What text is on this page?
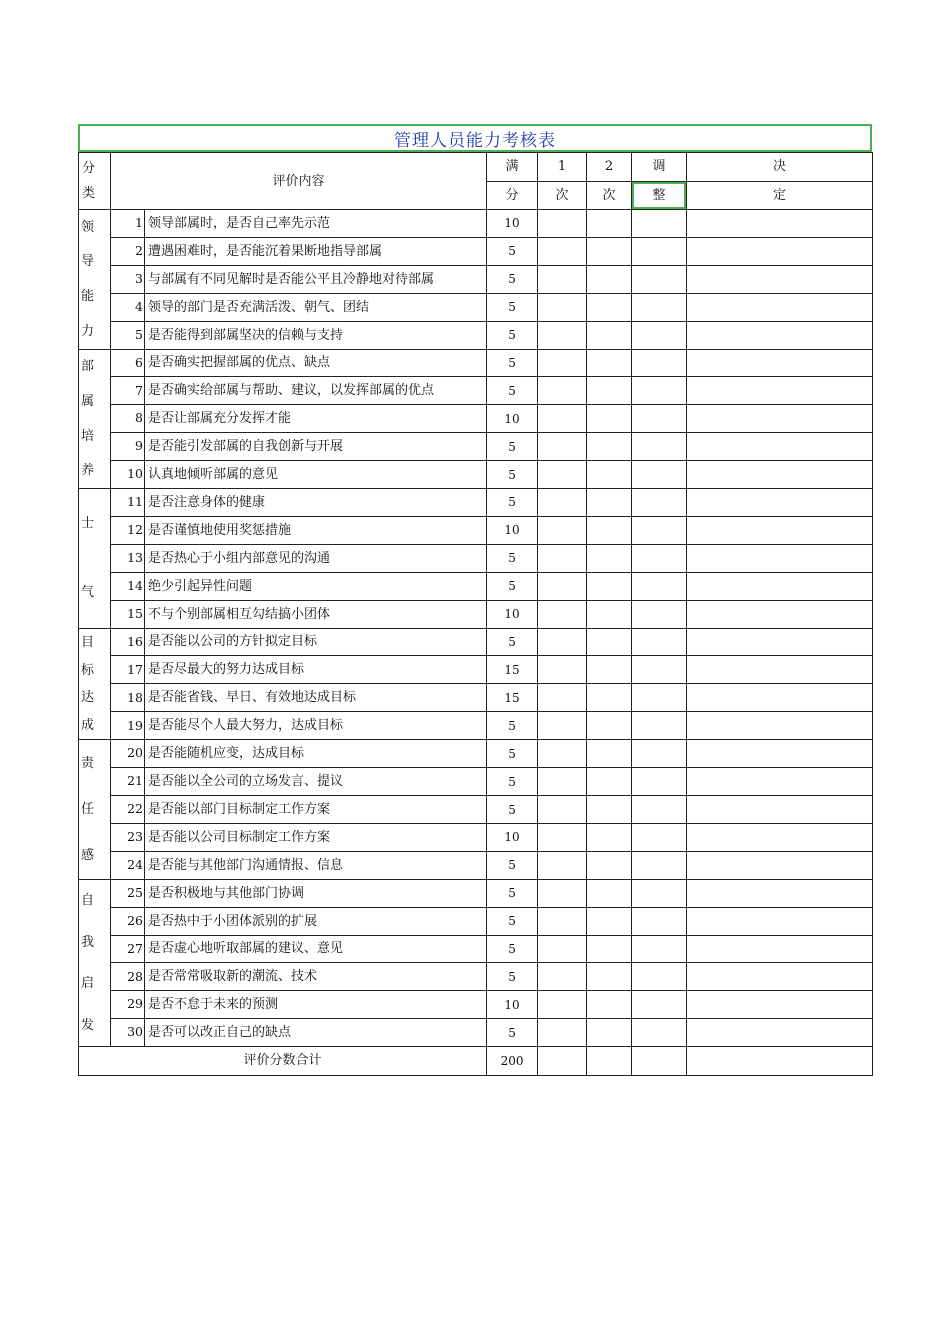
管理人员能力考核表
分
类	评价内容		满	1	2	调	决
			分	次	次	整	定

领
导
能
力	1	领导部属时，是否自己率先示范	10				
	2	遭遇困难时，是否能沉着果断地指导部属	5				
	3	与部属有不同见解时是否能公平且冷静地对待部属	5				
	4	领导的部门是否充满活泼、朝气、团结	5				
	5	是否能得到部属坚决的信赖与支持	5				

部
属
培
养	6	是否确实把握部属的优点、缺点	5				
	7	是否确实给部属与帮助、建议，以发挥部属的优点	5				
	8	是否让部属充分发挥才能	10				
	9	是否能引发部属的自我创新与开展	5				
	10	认真地倾听部属的意见	5				

士
气	11	是否注意身体的健康	5				
	12	是否谨慎地使用奖惩措施	10				
	13	是否热心于小组内部意见的沟通	5				
	14	绝少引起异性问题	5				
	15	不与个别部属相互勾结搞小团体	10				

目
标
达
成	16	是否能以公司的方针拟定目标	5				
	17	是否尽最大的努力达成目标	15				
	18	是否能省钱、早日、有效地达成目标	15				
	19	是否能尽个人最大努力，达成目标	5				

责
任
感	20	是否能随机应变，达成目标	5				
	21	是否能以全公司的立场发言、提议	5				
	22	是否能以部门目标制定工作方案	5				
	23	是否能以公司目标制定工作方案	10				
	24	是否能与其他部门沟通情报、信息	5				

自
我
启
发	25	是否积极地与其他部门协调	5				
	26	是否热中于小团体派别的扩展	5				
	27	是否虚心地听取部属的建议、意见	5				
	28	是否常常吸取新的潮流、技术	5				
	29	是否不怠于未来的预测	10				
	30	是否可以改正自己的缺点	5				
评价分数合计			200				
